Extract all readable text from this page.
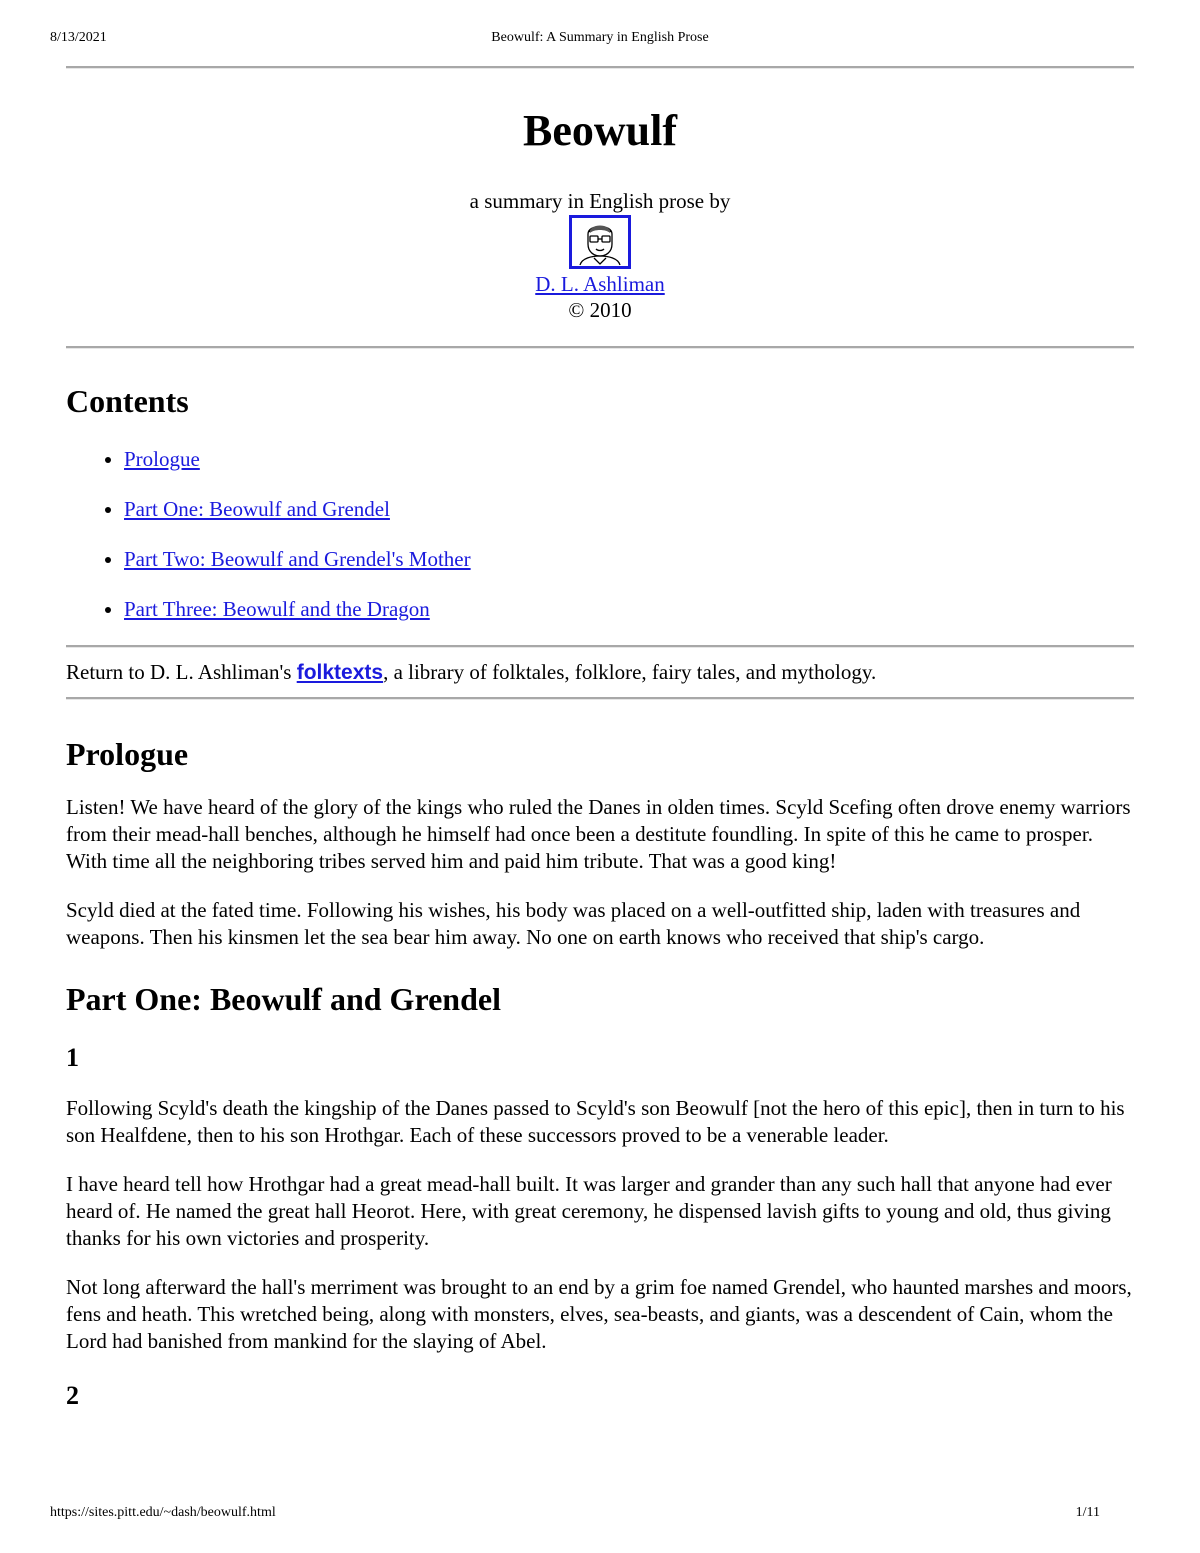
8/13/2021	Beowulf: A Summary in English Prose
Beowulf
a summary in English prose by
D. L. Ashliman
© 2010
Contents
• Prologue
• Part One: Beowulf and Grendel
• Part Two: Beowulf and Grendel's Mother
• Part Three: Beowulf and the Dragon

Return to D. L. Ashliman's folktexts, a library of folktales, folklore, fairy tales, and mythology.

Prologue

Listen! We have heard of the glory of the kings who ruled the Danes in olden times. Scyld Scefing often drove enemy warriors from their mead-hall benches, although he himself had once been a destitute foundling. In spite of this he came to prosper. With time all the neighboring tribes served him and paid him tribute. That was a good king!

Scyld died at the fated time. Following his wishes, his body was placed on a well-outfitted ship, laden with treasures and weapons. Then his kinsmen let the sea bear him away. No one on earth knows who received that ship's cargo.

Part One: Beowulf and Grendel
1

Following Scyld's death the kingship of the Danes passed to Scyld's son Beowulf [not the hero of this epic], then in turn to his son Healfdene, then to his son Hrothgar. Each of these successors proved to be a venerable leader.

I have heard tell how Hrothgar had a great mead-hall built. It was larger and grander than any such hall that anyone had ever heard of. He named the great hall Heorot. Here, with great ceremony, he dispensed lavish gifts to young and old, thus giving thanks for his own victories and prosperity.

Not long afterward the hall's merriment was brought to an end by a grim foe named Grendel, who haunted marshes and moors, fens and heath. This wretched being, along with monsters, elves, sea-beasts, and giants, was a descendent of Cain, whom the Lord had banished from mankind for the slaying of Abel.

2
https://sites.pitt.edu/~dash/beowulf.html	1/11
